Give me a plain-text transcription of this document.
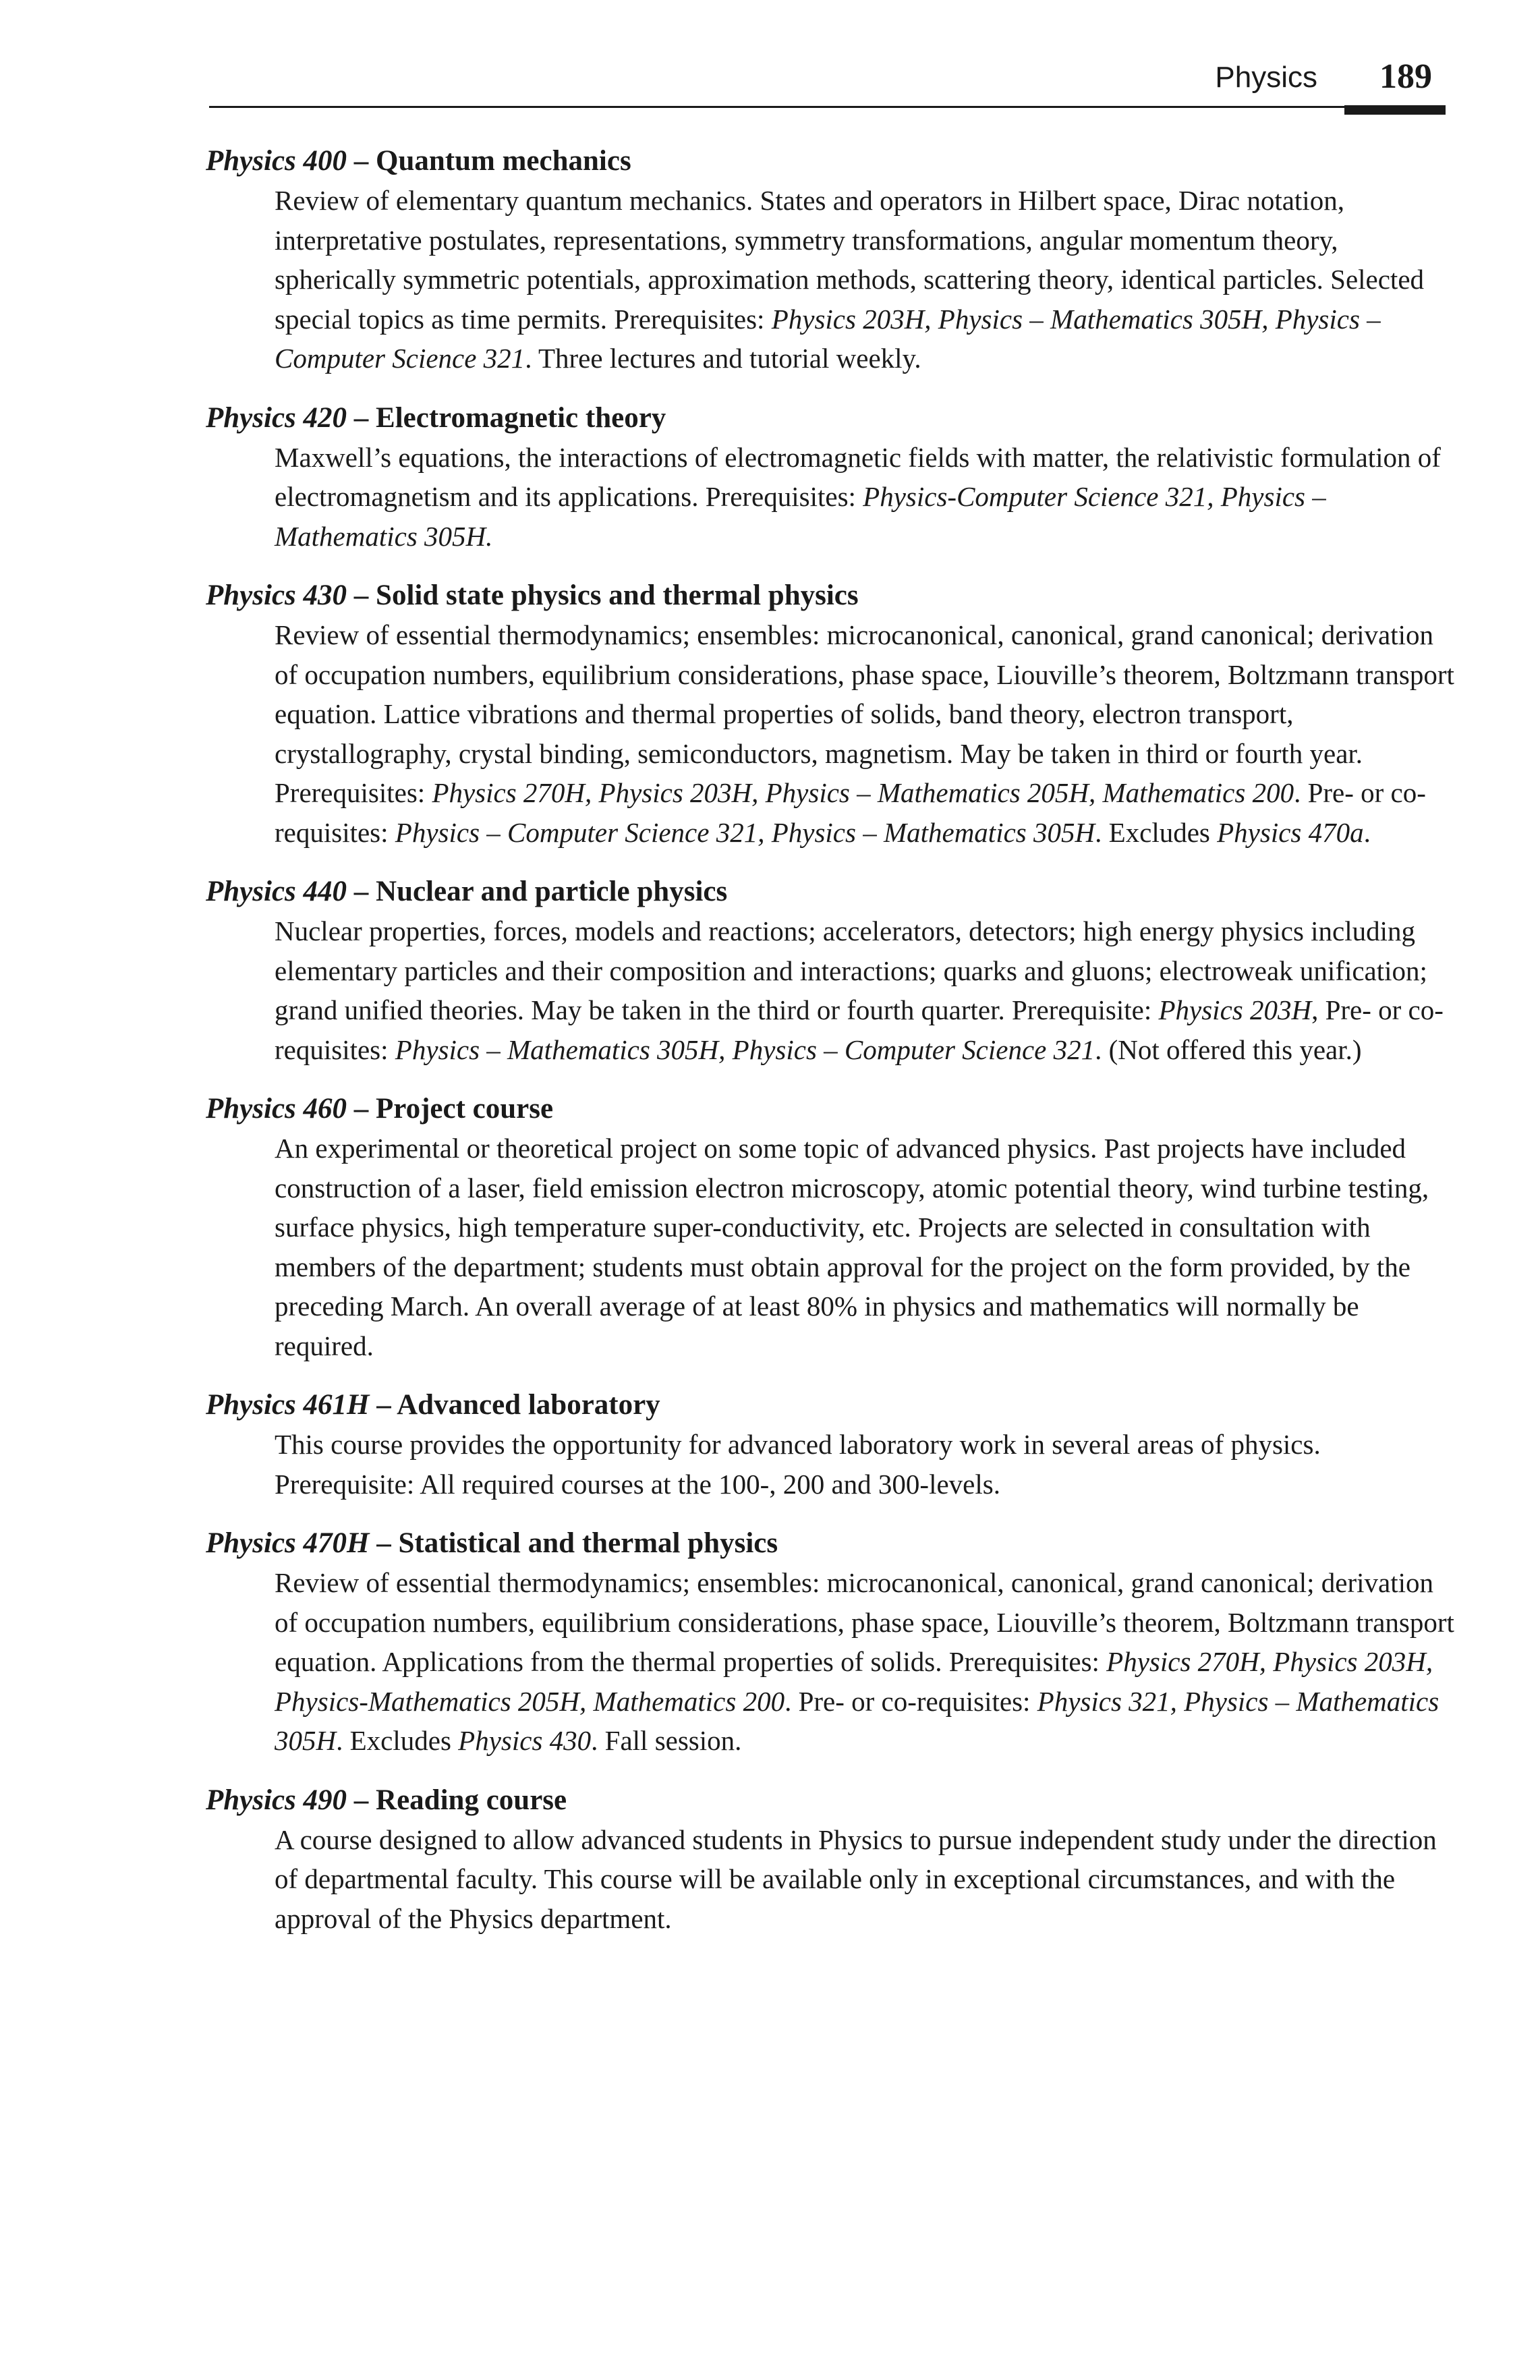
Physics 189

Physics 400 – Quantum mechanics

Review of elementary quantum mechanics. States and operators in Hilbert space, Dirac notation, interpretative postulates, representations, symmetry transformations, angular momentum theory, spherically symmetric potentials, approximation methods, scattering theory, identical particles. Selected special topics as time permits. Prerequisites: Physics 203H, Physics – Mathematics 305H, Physics – Computer Science 321. Three lectures and tutorial weekly.

Physics 420 – Electromagnetic theory

Maxwell’s equations, the interactions of electromagnetic fields with matter, the relativistic formulation of electromagnetism and its applications. Prerequisites: Physics-Computer Science 321, Physics – Mathematics 305H.

Physics 430 – Solid state physics and thermal physics

Review of essential thermodynamics; ensembles: microcanonical, canonical, grand canonical; derivation of occupation numbers, equilibrium considerations, phase space, Liouville’s theorem, Boltzmann transport equation. Lattice vibrations and thermal properties of solids, band theory, electron transport, crystallography, crystal binding, semiconductors, magnetism. May be taken in third or fourth year. Prerequisites: Physics 270H, Physics 203H, Physics – Mathematics 205H, Mathematics 200. Pre- or co-requisites: Physics – Computer Science 321, Physics – Mathematics 305H. Excludes Physics 470a.

Physics 440 – Nuclear and particle physics

Nuclear properties, forces, models and reactions; accelerators, detectors; high energy physics including elementary particles and their composition and interactions; quarks and gluons; electroweak unification; grand unified theories. May be taken in the third or fourth quarter. Prerequisite: Physics 203H, Pre- or co-requisites: Physics – Mathematics 305H, Physics – Computer Science 321. (Not offered this year.)

Physics 460 – Project course

An experimental or theoretical project on some topic of advanced physics. Past projects have included construction of a laser, field emission electron microscopy, atomic potential theory, wind turbine testing, surface physics, high temperature super-conductivity, etc. Projects are selected in consultation with members of the department; students must obtain approval for the project on the form provided, by the preceding March. An overall average of at least 80% in physics and mathematics will normally be required.

Physics 461H – Advanced laboratory

This course provides the opportunity for advanced laboratory work in several areas of physics. Prerequisite: All required courses at the 100-, 200 and 300-levels.

Physics 470H – Statistical and thermal physics

Review of essential thermodynamics; ensembles: microcanonical, canonical, grand canonical; derivation of occupation numbers, equilibrium considerations, phase space, Liouville’s theorem, Boltzmann transport equation. Applications from the thermal properties of solids. Prerequisites: Physics 270H, Physics 203H, Physics-Mathematics 205H, Mathematics 200. Pre- or co-requisites: Physics 321, Physics – Mathematics 305H. Excludes Physics 430. Fall session.

Physics 490 – Reading course

A course designed to allow advanced students in Physics to pursue independent study under the direction of departmental faculty. This course will be available only in exceptional circumstances, and with the approval of the Physics department.
